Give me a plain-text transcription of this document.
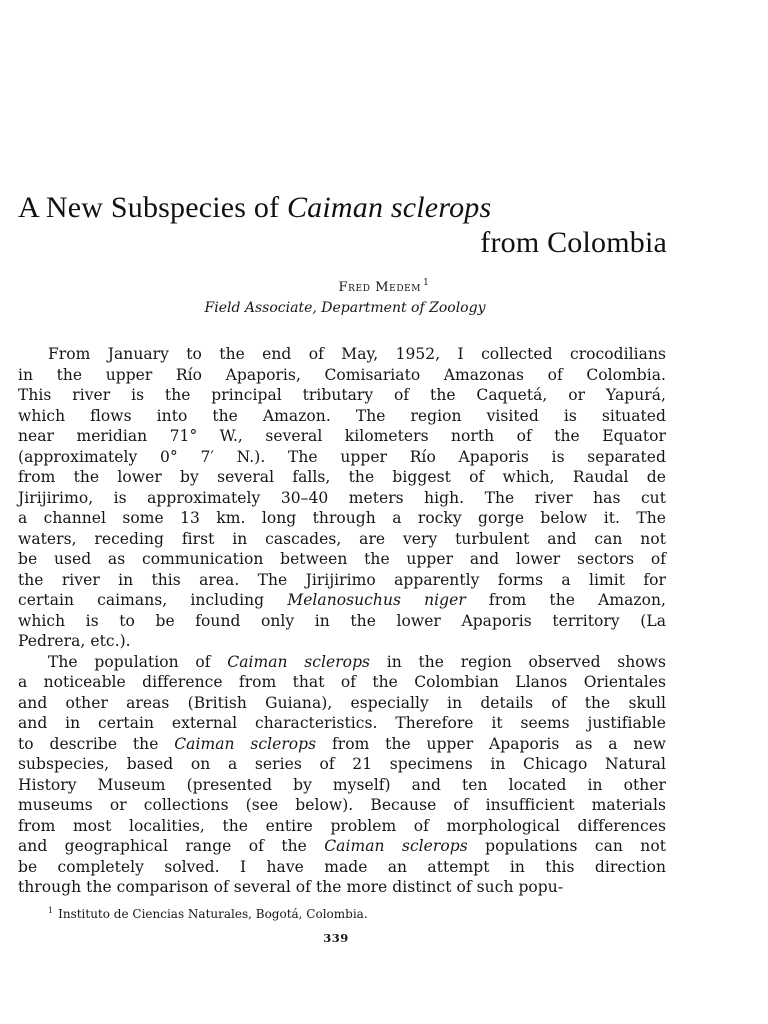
A New Subspecies of Caiman sclerops
from Colombia
Fred Medem $^1$
Field Associate, Department of Zoology
From January to the end of May, 1952, I collected crocodilians
in the upper Río Apaporis, Comisariato Amazonas of Colombia.
This river is the principal tributary of the Caquetá, or Yapurá,
which flows into the Amazon. The region visited is situated
near meridian 71° W., several kilometers north of the Equator
(approximately 0° 7′ N.). The upper Río Apaporis is separated
from the lower by several falls, the biggest of which, Raudal de
Jirijirimo, is approximately 30–40 meters high. The river has cut
a channel some 13 km. long through a rocky gorge below it. The
waters, receding first in cascades, are very turbulent and can not
be used as communication between the upper and lower sectors of
the river in this area. The Jirijirimo apparently forms a limit for
certain caimans, including Melanosuchus niger from the Amazon,
which is to be found only in the lower Apaporis territory (La
Pedrera, etc.).
The population of Caiman sclerops in the region observed shows
a noticeable difference from that of the Colombian Llanos Orientales
and other areas (British Guiana), especially in details of the skull
and in certain external characteristics. Therefore it seems justifiable
to describe the Caiman sclerops from the upper Apaporis as a new
subspecies, based on a series of 21 specimens in Chicago Natural
History Museum (presented by myself) and ten located in other
museums or collections (see below). Because of insufficient materials
from most localities, the entire problem of morphological differences
and geographical range of the Caiman sclerops populations can not
be completely solved. I have made an attempt in this direction
through the comparison of several of the more distinct of such popu-
$^1$ Instituto de Ciencias Naturales, Bogotá, Colombia.
339
